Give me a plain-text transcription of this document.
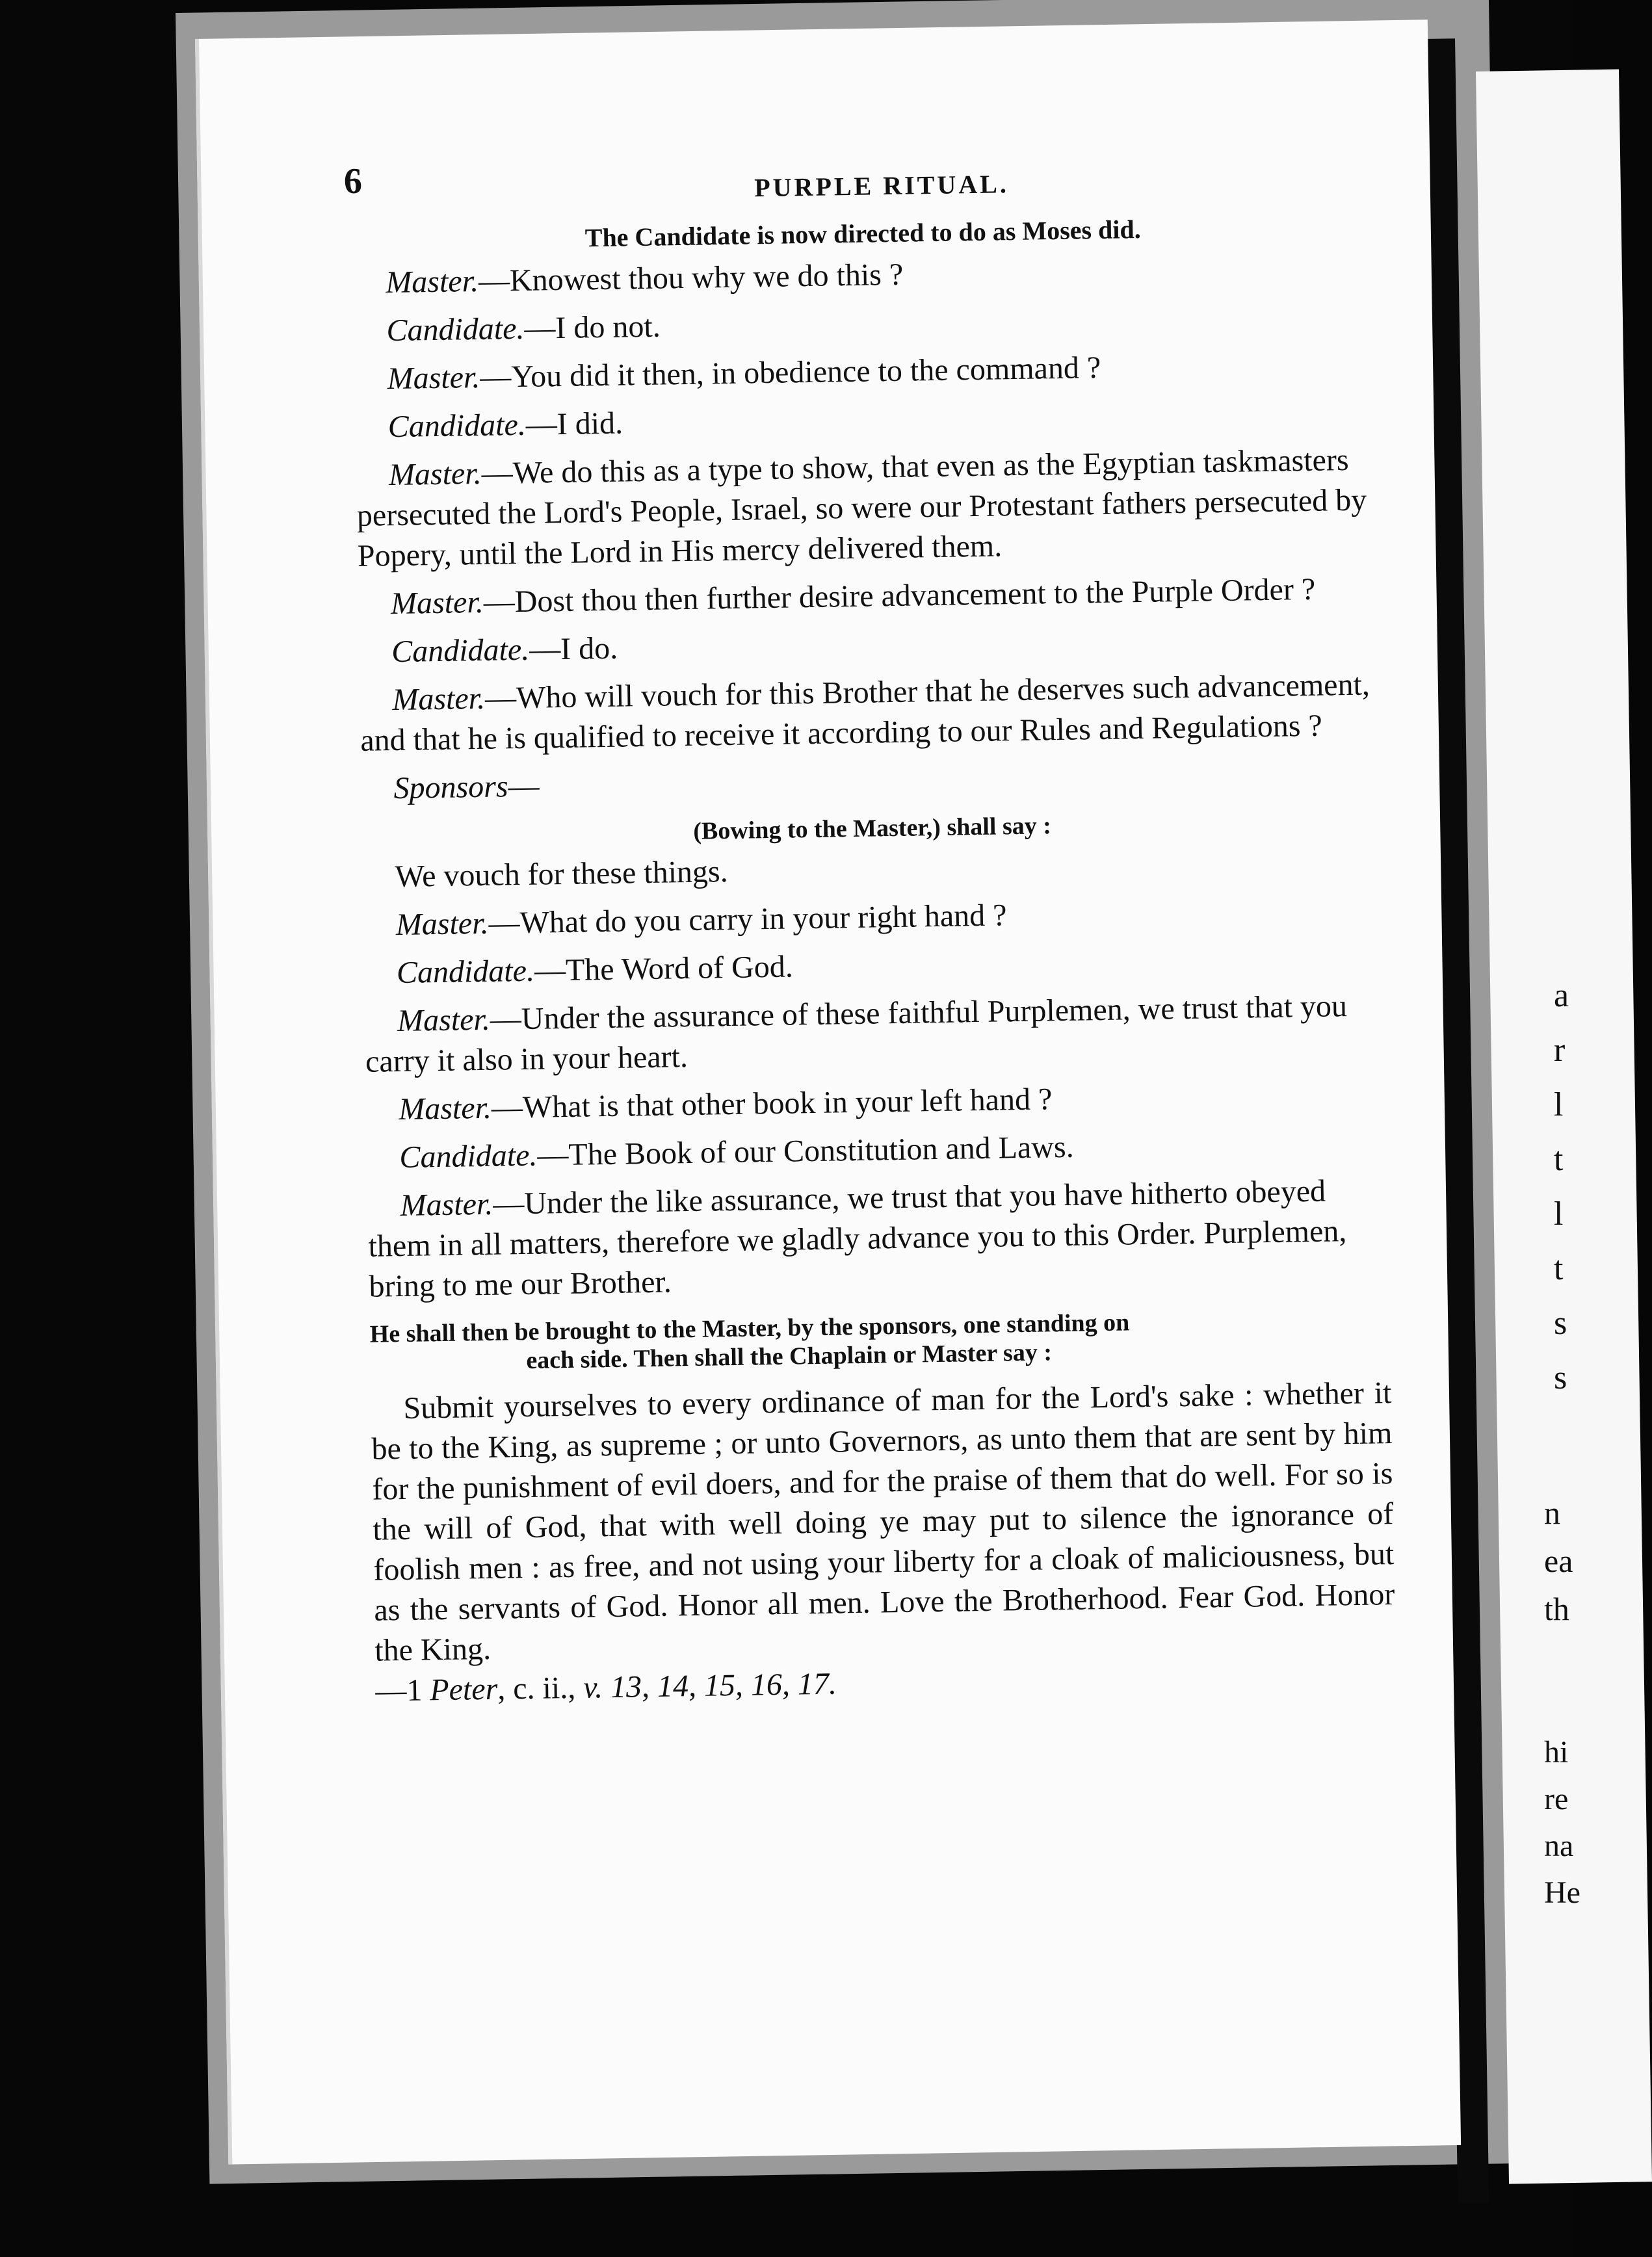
a
r
l
t
l
t
s
s
n
ea
th
hi
re
na
He
6	PURPLE RITUAL.
The Candidate is now directed to do as Moses did.

Master.—Knowest thou why we do this ?

Candidate.—I do not.

Master.—You did it then, in obedience to the command ?

Candidate.—I did.

Master.—We do this as a type to show, that even as the Egyptian taskmasters persecuted the Lord's People, Israel, so were our Protestant fathers persecuted by Popery, until the Lord in His mercy delivered them.

Master.—Dost thou then further desire advancement to the Purple Order ?

Candidate.—I do.

Master.—Who will vouch for this Brother that he deserves such advancement, and that he is qualified to receive it according to our Rules and Regulations ?

Sponsors—

(Bowing to the Master,) shall say :

We vouch for these things.

Master.—What do you carry in your right hand ?

Candidate.—The Word of God.

Master.—Under the assurance of these faithful Purplemen, we trust that you carry it also in your heart.

Master.—What is that other book in your left hand ?

Candidate.—The Book of our Constitution and Laws.

Master.—Under the like assurance, we trust that you have hitherto obeyed them in all matters, therefore we gladly advance you to this Order. Purplemen, bring to me our Brother.

He shall then be brought to the Master, by the sponsors, one standing on
each side. Then shall the Chaplain or Master say :

Submit yourselves to every ordinance of man for the Lord's sake : whether it be to the King, as supreme ; or unto Governors, as unto them that are sent by him for the punishment of evil doers, and for the praise of them that do well. For so is the will of God, that with well doing ye may put to silence the ignorance of foolish men : as free, and not using your liberty for a cloak of maliciousness, but as the servants of God. Honor all men. Love the Brotherhood. Fear God. Honor the King.

—1 Peter, c. ii., v. 13, 14, 15, 16, 17.
